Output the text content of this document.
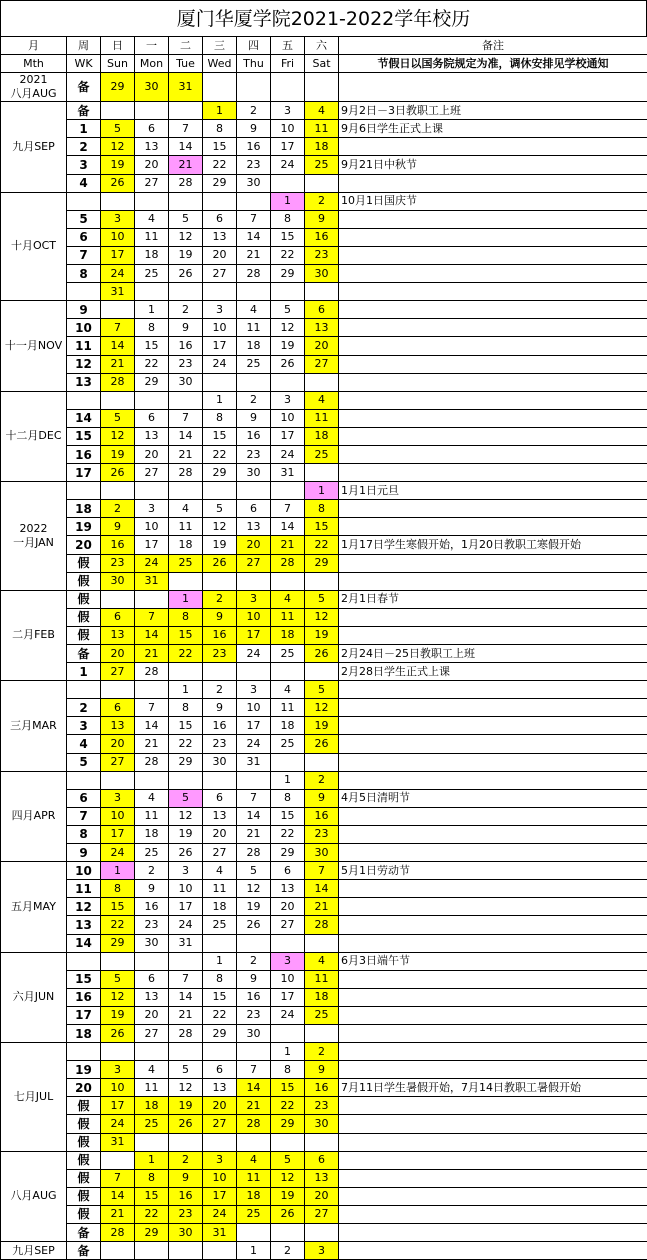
厦门华厦学院2021-2022学年校历
月	周	日	一	二	三	四	五	六	备注
Mth	WK	Sun	Mon	Tue	Wed	Thu	Fri	Sat	节假日以国务院规定为准，调休安排见学校通知
2021
八月AUG	备	29	30	31					
九月SEP	备				1	2	3	4	9月2日－3日教职工上班
	1	5	6	7	8	9	10	11	9月6日学生正式上课
	2	12	13	14	15	16	17	18	
	3	19	20	21	22	23	24	25	9月21日中秋节
	4	26	27	28	29	30			
十月OCT							1	2	10月1日国庆节
	5	3	4	5	6	7	8	9	
	6	10	11	12	13	14	15	16	
	7	17	18	19	20	21	22	23	
	8	24	25	26	27	28	29	30	
		31							
十一月NOV	9		1	2	3	4	5	6	
	10	7	8	9	10	11	12	13	
	11	14	15	16	17	18	19	20	
	12	21	22	23	24	25	26	27	
	13	28	29	30					
十二月DEC					1	2	3	4	
	14	5	6	7	8	9	10	11	
	15	12	13	14	15	16	17	18	
	16	19	20	21	22	23	24	25	
	17	26	27	28	29	30	31		
2022
一月JAN								1	1月1日元旦
	18	2	3	4	5	6	7	8	
	19	9	10	11	12	13	14	15	
	20	16	17	18	19	20	21	22	1月17日学生寒假开始，1月20日教职工寒假开始
	假	23	24	25	26	27	28	29	
	假	30	31						
二月FEB	假			1	2	3	4	5	2月1日春节
	假	6	7	8	9	10	11	12	
	假	13	14	15	16	17	18	19	
	备	20	21	22	23	24	25	26	2月24日－25日教职工上班
	1	27	28						2月28日学生正式上课
三月MAR				1	2	3	4	5	
	2	6	7	8	9	10	11	12	
	3	13	14	15	16	17	18	19	
	4	20	21	22	23	24	25	26	
	5	27	28	29	30	31			
四月APR							1	2	
	6	3	4	5	6	7	8	9	4月5日清明节
	7	10	11	12	13	14	15	16	
	8	17	18	19	20	21	22	23	
	9	24	25	26	27	28	29	30	
五月MAY	10	1	2	3	4	5	6	7	5月1日劳动节
	11	8	9	10	11	12	13	14	
	12	15	16	17	18	19	20	21	
	13	22	23	24	25	26	27	28	
	14	29	30	31					
六月JUN					1	2	3	4	6月3日端午节
	15	5	6	7	8	9	10	11	
	16	12	13	14	15	16	17	18	
	17	19	20	21	22	23	24	25	
	18	26	27	28	29	30			
七月JUL							1	2	
	19	3	4	5	6	7	8	9	
	20	10	11	12	13	14	15	16	7月11日学生暑假开始，7月14日教职工暑假开始
	假	17	18	19	20	21	22	23	
	假	24	25	26	27	28	29	30	
	假	31							
八月AUG	假		1	2	3	4	5	6	
	假	7	8	9	10	11	12	13	
	假	14	15	16	17	18	19	20	
	假	21	22	23	24	25	26	27	
	备	28	29	30	31				
九月SEP	备					1	2	3	
